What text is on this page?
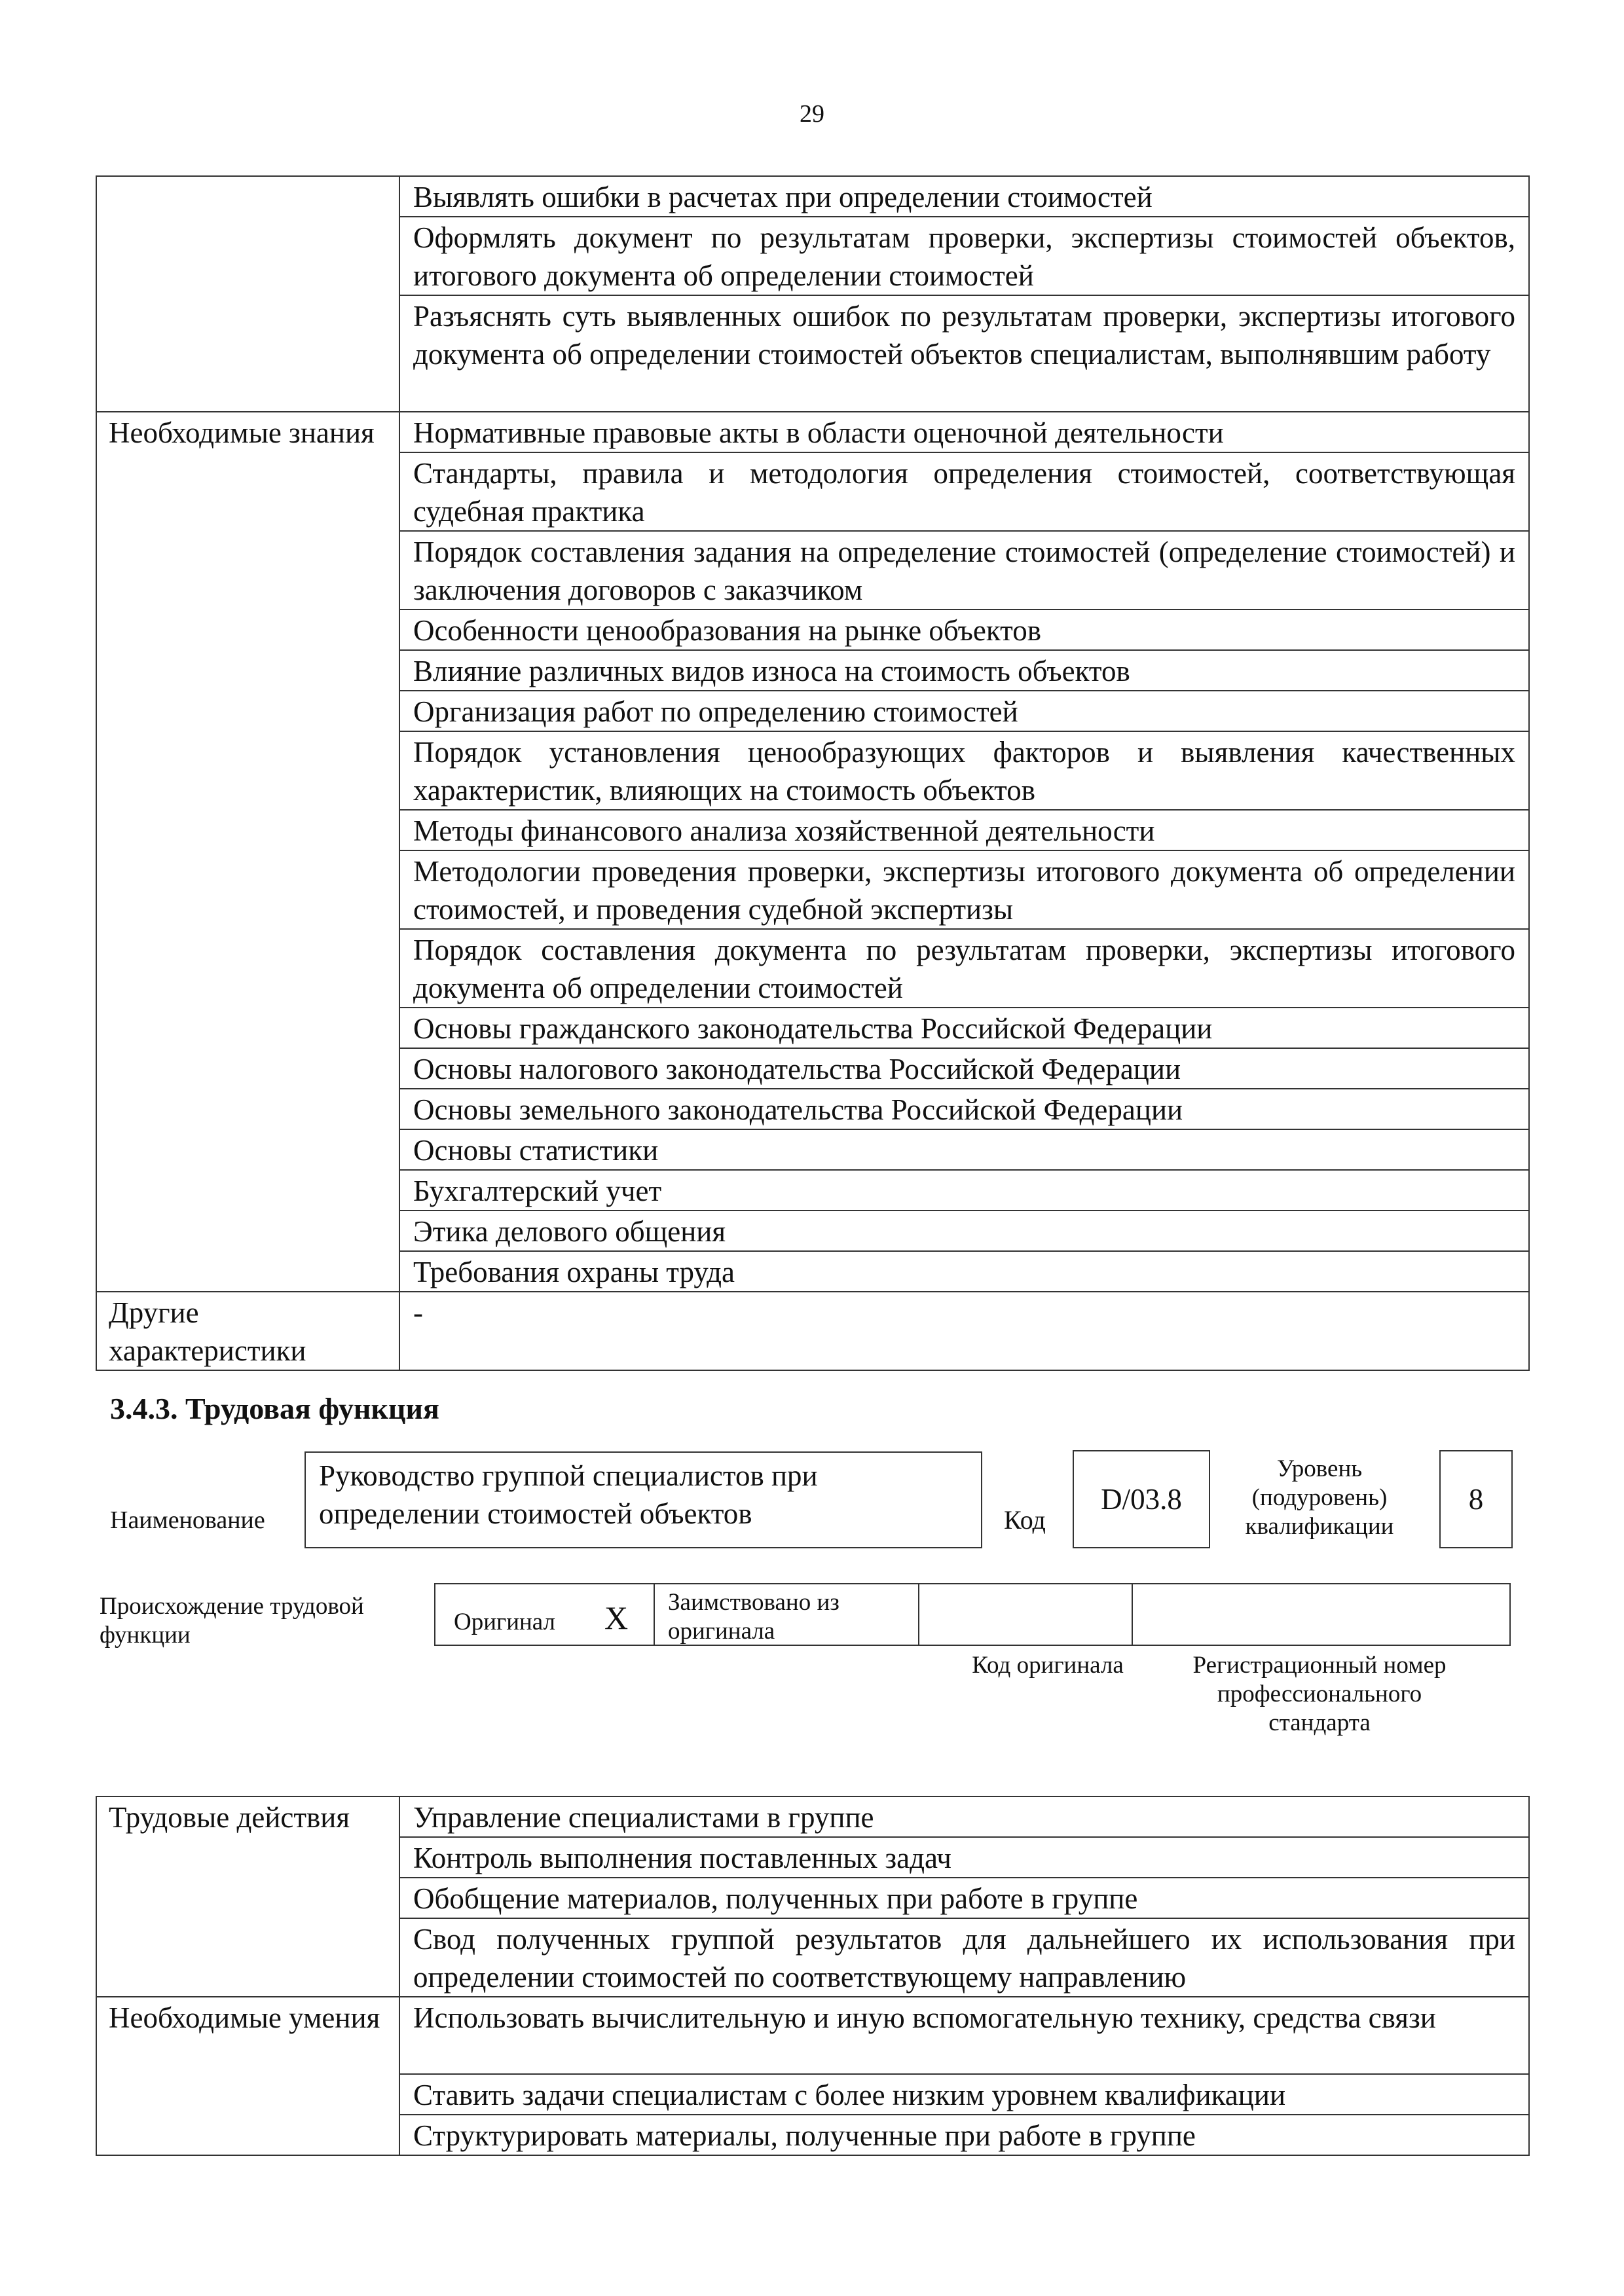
29
	Выявлять ошибки в расчетах при определении стоимостей
	Оформлять документ по результатам проверки, экспертизы стоимостей объектов, итогового документа об определении стоимостей
	Разъяснять суть выявленных ошибок по результатам проверки, экспертизы итогового документа об определении стоимостей объектов специалистам, выполнявшим работу
Необходимые знания	Нормативные правовые акты в области оценочной деятельности
	Стандарты, правила и методология определения стоимостей, соответствующая судебная практика
	Порядок составления задания на определение стоимостей (определение стоимостей) и заключения договоров с заказчиком
	Особенности ценообразования на рынке объектов
	Влияние различных видов износа на стоимость объектов
	Организация работ по определению стоимостей
	Порядок установления ценообразующих факторов и выявления качественных характеристик, влияющих на стоимость объектов
	Методы финансового анализа хозяйственной деятельности
	Методологии проведения проверки, экспертизы итогового документа об определении стоимостей, и проведения судебной экспертизы
	Порядок составления документа по результатам проверки, экспертизы итогового документа об определении стоимостей
	Основы гражданского законодательства Российской Федерации
	Основы налогового законодательства Российской Федерации
	Основы земельного законодательства Российской Федерации
	Основы статистики
	Бухгалтерский учет
	Этика делового общения
	Требования охраны труда
Другие характеристики	-
3.4.3. Трудовая функция
Наименование
Руководство группой специалистов при определении стоимостей объектов	Код
D/03.8
Уровень (подуровень) квалификации
8
Происхождение трудовой функции	Оригинал X Заимствовано из оригинала
Код оригинала	Регистрационный номер профессионального стандарта
Трудовые действия	Управление специалистами в группе
	Контроль выполнения поставленных задач
	Обобщение материалов, полученных при работе в группе
	Свод полученных группой результатов для дальнейшего их использования при определении стоимостей по соответствующему направлению
Необходимые умения	Использовать вычислительную и иную вспомогательную технику, средства связи
	Ставить задачи специалистам с более низким уровнем квалификации
	Структурировать материалы, полученные при работе в группе
